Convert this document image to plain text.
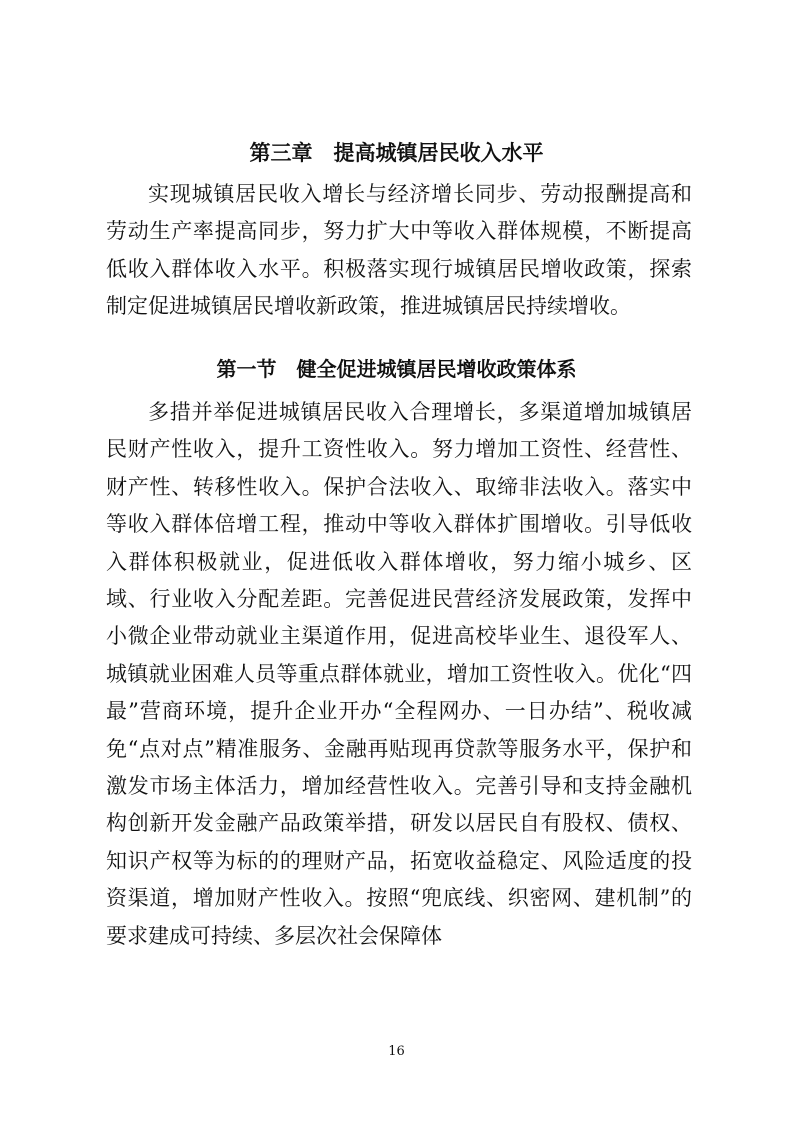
第三章　提高城镇居民收入水平

实现城镇居民收入增长与经济增长同步、劳动报酬提高和劳动生产率提高同步，努力扩大中等收入群体规模，不断提高低收入群体收入水平。积极落实现行城镇居民增收政策，探索制定促进城镇居民增收新政策，推进城镇居民持续增收。

第一节　健全促进城镇居民增收政策体系

多措并举促进城镇居民收入合理增长，多渠道增加城镇居民财产性收入，提升工资性收入。努力增加工资性、经营性、财产性、转移性收入。保护合法收入、取缔非法收入。落实中等收入群体倍增工程，推动中等收入群体扩围增收。引导低收入群体积极就业，促进低收入群体增收，努力缩小城乡、区域、行业收入分配差距。完善促进民营经济发展政策，发挥中小微企业带动就业主渠道作用，促进高校毕业生、退役军人、城镇就业困难人员等重点群体就业，增加工资性收入。优化“四最”营商环境，提升企业开办“全程网办、一日办结”、税收减免“点对点”精准服务、金融再贴现再贷款等服务水平，保护和激发市场主体活力，增加经营性收入。完善引导和支持金融机构创新开发金融产品政策举措，研发以居民自有股权、债权、知识产权等为标的的理财产品，拓宽收益稳定、风险适度的投资渠道，增加财产性收入。按照“兜底线、织密网、建机制”的要求建成可持续、多层次社会保障体

16
